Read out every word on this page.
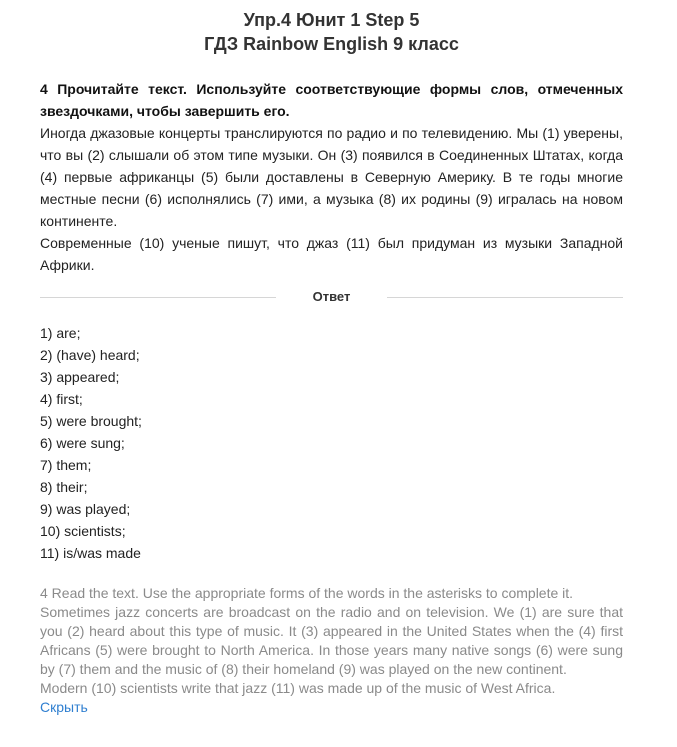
Упр.4 Юнит 1 Step 5
ГДЗ Rainbow English 9 класс
4 Прочитайте текст. Используйте соответствующие формы слов, отмеченных звездочками, чтобы завершить его.

Иногда джазовые концерты транслируются по радио и по телевидению. Мы (1) уверены, что вы (2) слышали об этом типе музыки. Он (3) появился в Соединенных Штатах, когда (4) первые африканцы (5) были доставлены в Северную Америку. В те годы многие местные песни (6) исполнялись (7) ими, а музыка (8) их родины (9) игралась на новом континенте.

Современные (10) ученые пишут, что джаз (11) был придуман из музыки Западной Африки.

Ответ
1) are;
2) (have) heard;
3) appeared;
4) first;
5) were brought;
6) were sung;
7) them;
8) their;
9) was played;
10) scientists;
11) is/was made

4 Read the text. Use the appropriate forms of the words in the asterisks to complete it.

Sometimes jazz concerts are broadcast on the radio and on television. We (1) are sure that you (2) heard about this type of music. It (3) appeared in the United States when the (4) first Africans (5) were brought to North America. In those years many native songs (6) were sung by (7) them and the music of (8) their homeland (9) was played on the new continent.

Modern (10) scientists write that jazz (11) was made up of the music of West Africa.

Скрыть
